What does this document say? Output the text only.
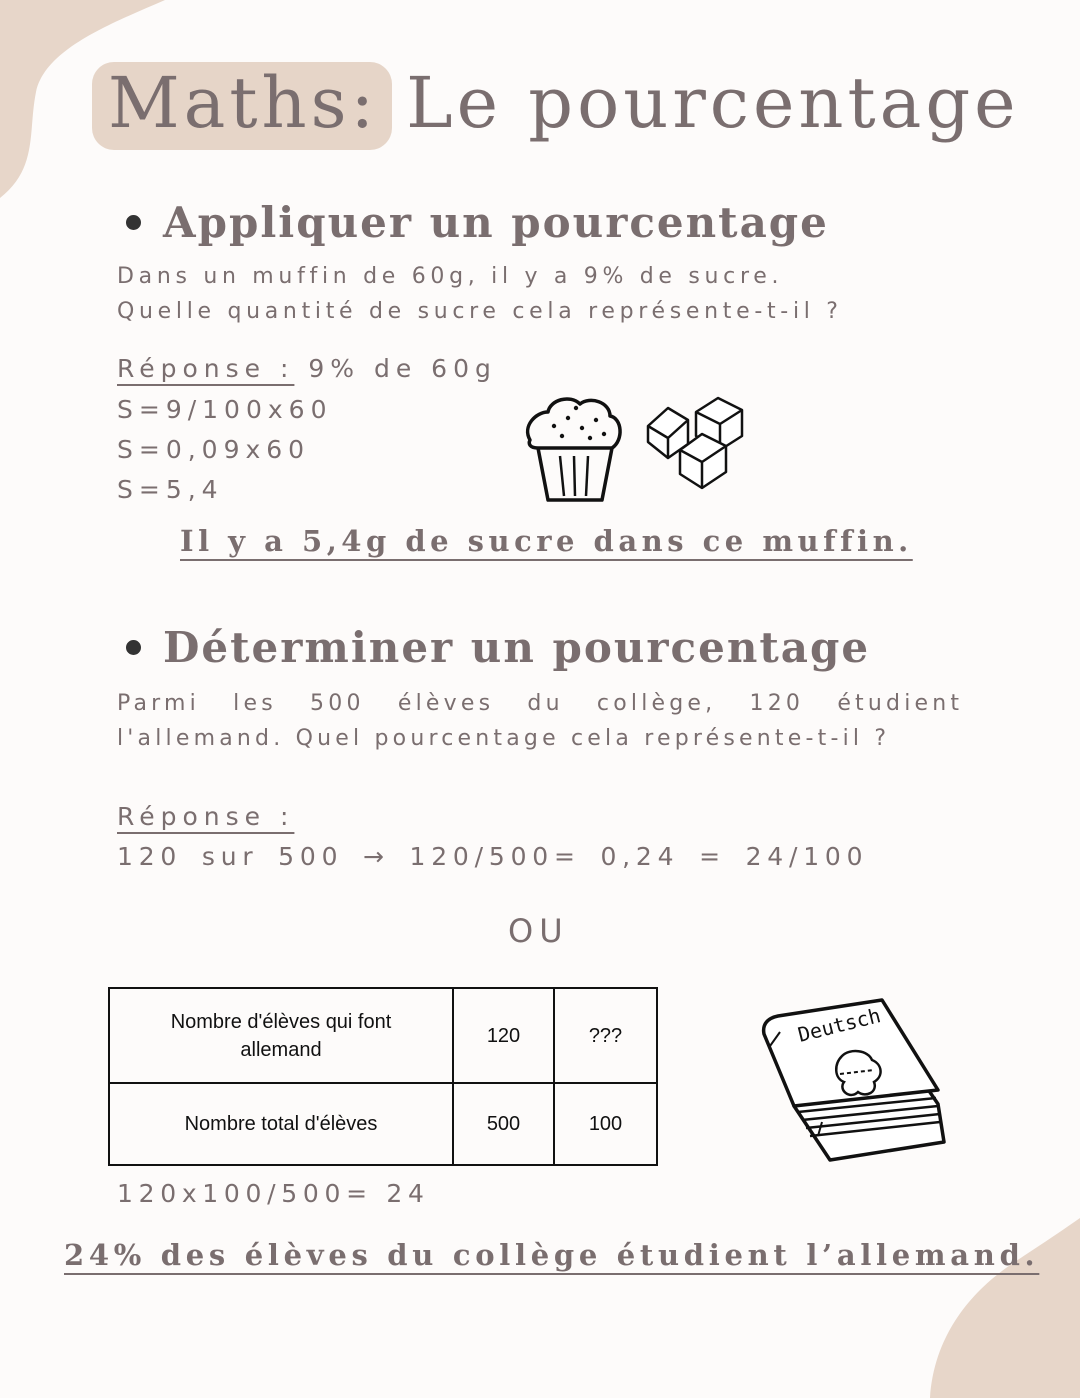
Maths: Le pourcentage
Appliquer un pourcentage
Dans un muffin de 60g, il y a 9% de sucre.
Quelle quantité de sucre cela représente-t-il ?
Réponse : 9% de 60g
S=9/100x60
S=0,09x60
S=5,4
Il y a 5,4g de sucre dans ce muffin.
Déterminer un pourcentage
Parmi les 500 élèves du collège, 120 étudient
l'allemand. Quel pourcentage cela représente-t-il ?
Réponse :
120 sur 500 → 120/500= 0,24 = 24/100
OU
Nombre d'élèves qui font allemand	120	???
Nombre total d'élèves	500	100
Deutsch
120x100/500= 24
24% des élèves du collège étudient l’allemand.
